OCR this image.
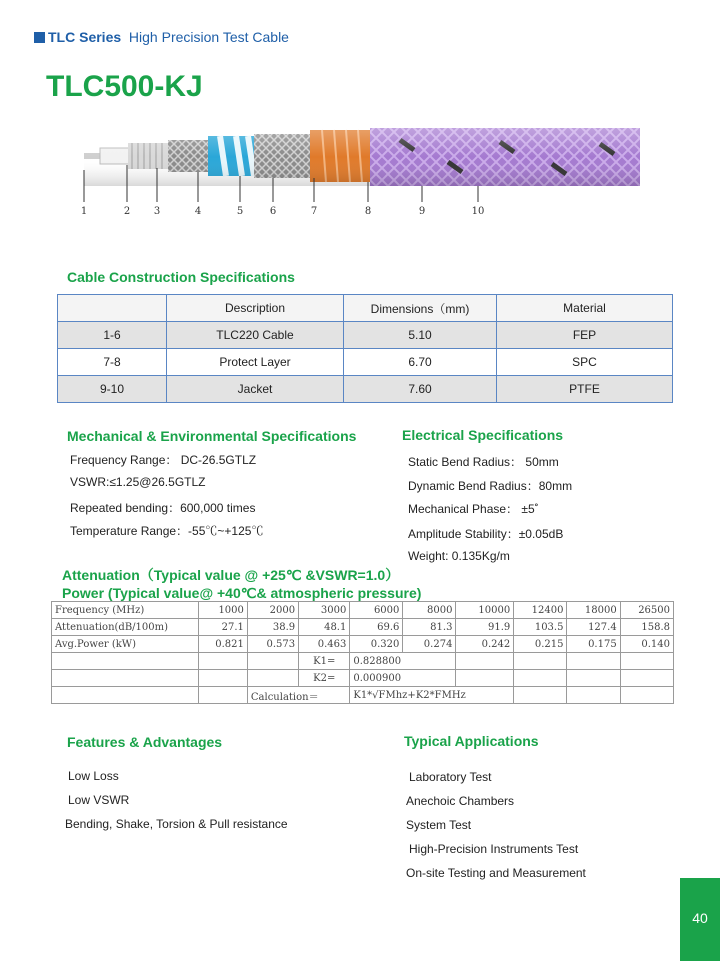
TLC Series High Precision Test Cable
TLC500-KJ
1	2 3	4	5	6	7	8	9	10
Cable Construction Specifications
	Description	Dimensions（mm)	Material
1-6	TLC220 Cable	5.10	FEP
7-8	Protect Layer	6.70	SPC
9-10	Jacket	7.60	PTFE
Mechanical & Environmental Specifications
Frequency Range： DC-26.5GTLZ
VSWR:≤1.25@26.5GTLZ
Repeated bending：600,000 times
Temperature Range：-55℃~+125℃
Electrical Specifications
Static Bend Radius： 50mm
Dynamic Bend Radius：80mm
Mechanical Phase： ±5˚
Amplitude Stability：±0.05dB
Weight: 0.135Kg/m
Attenuation（Typical value @ +25℃ &VSWR=1.0）
Power (Typical value@ +40℃& atmospheric pressure)
Frequency (MHz)	1000	2000	3000	6000	8000	10000	12400	18000	26500
Attenuation(dB/100m)	27.1	38.9	48.1	69.6	81.3	91.9	103.5	127.4	158.8
Avg.Power (kW)	0.821	0.573	0.463	0.320	0.274	0.242	0.215	0.175	0.140
			K1=	0.828800					
			K2=	0.000900					
		Calculation＝		K1*√FMhz+K2*FMHz					
Features & Advantages
Low Loss
Low VSWR
Bending, Shake, Torsion & Pull resistance
Typical Applications
Laboratory Test
Anechoic Chambers
System Test
High-Precision Instruments Test
On-site Testing and Measurement
40
